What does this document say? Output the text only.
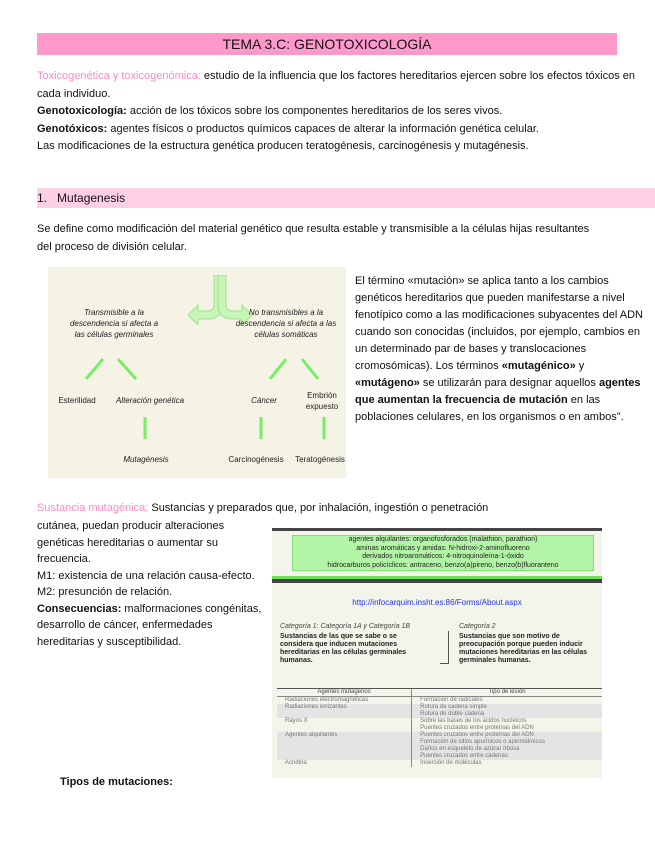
TEMA 3.C: GENOTOXICOLOGÍA
Toxicogenética y toxicogenómica: estudio de la influencia que los factores hereditarios ejercen sobre los efectos tóxicos en cada individuo.
Genotoxicología: acción de los tóxicos sobre los componentes hereditarios de los seres vivos.
Genotóxicos: agentes físicos o productos químicos capaces de alterar la información genética celular.
Las modificaciones de la estructura genética producen teratogénesis, carcinogénesis y mutagénesis.
1. Mutagenesis
Se define como modificación del material genético que resulta estable y transmisible a la células hijas resultantes del proceso de división celular.
Transmisible a la descendencia si afecta a las células germinales
No transmisibles a la descendencia si afecta a las células somáticas
Esterilidad	Alteración genética
Mutagénesis
Cáncer
Embrión expuesto
Carcinogénesis	Teratogénesis
El término «mutación» se aplica tanto a los cambios genéticos hereditarios que pueden manifestarse a nivel fenotípico como a las modificaciones subyacentes del ADN cuando son conocidas (incluidos, por ejemplo, cambios en un determinado par de bases y translocaciones cromosómicas). Los términos «mutagénico» y «mutágeno» se utilizarán para designar aquellos agentes que aumentan la frecuencia de mutación en las poblaciones celulares, en los organismos o en ambos".
Sustancia mutagénica: Sustancias y preparados que, por inhalación, ingestión o penetración
cutánea, puedan producir alteraciones genéticas hereditarias o aumentar su frecuencia.
M1: existencia de una relación causa-efecto.
M2: presunción de relación.
Consecuencias: malformaciones congénitas, desarrollo de cáncer, enfermedades hereditarias y susceptibilidad.
agentes alquilantes: organofosforados (malathion, parathion)
aminas aromáticas y amidas: N-hidroxi-2-aminofluoreno
derivados nitroaromáticos: 4-nitroquinoleína-1-óxido
hidrocarburos policíclicos: antraceno, benzo(a)pireno, benzo(b)fluoranteno
http://infocarquim.insht.es:86/Forms/About.aspx
Categoría 1: Categoría 1A y Categoría 1B
Sustancias de las que se sabe o se considera que inducen mutaciones hereditarias en las células germinales humanas.
Categoría 2
Sustancias que son motivo de preocupación porque pueden inducir mutaciones hereditarias en las células germinales humanas.
Agentes mutágenos	Tipo de lesión
Radiaciones electromagnéticas	Formación de radicales
Radiaciones ionizantes	Rotura de cadena simple
Rotura de doble cadena
Rayos X	Sobre las bases de los ácidos nucleicos
Puentes cruzados entre proteínas del ADN
Agentes alquilantes	Puentes cruzados entre proteínas del ADN
Formación de sitios apurínicos o apirimidínicos
Daños en esqueleto de azúcar ribosa
Puentes cruzados entre cadenas
Acridina	Inserción de moléculas
Tipos de mutaciones:
